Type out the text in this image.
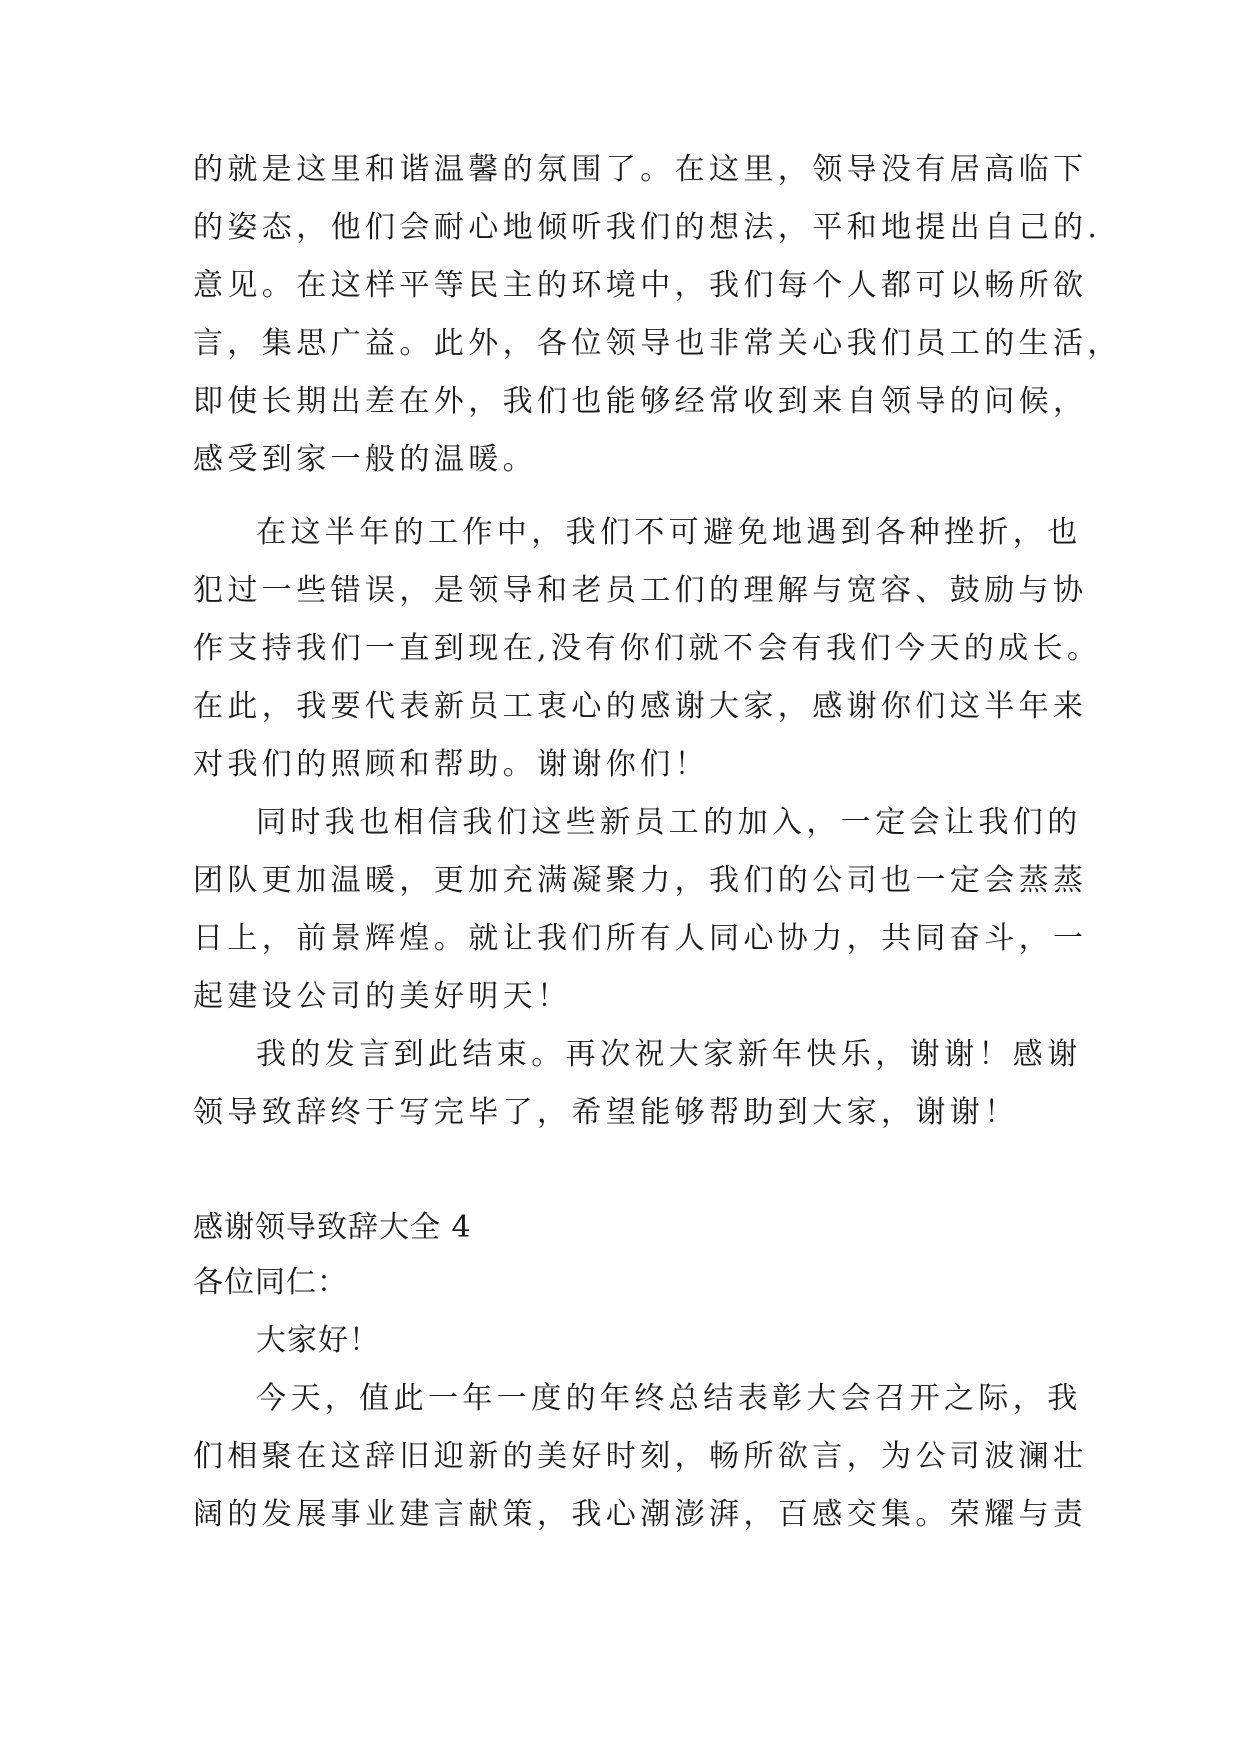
的就是这里和谐温馨的氛围了。在这里，领导没有居高临下
的姿态，他们会耐心地倾听我们的想法，平和地提出自己的.
意见。在这样平等民主的环境中，我们每个人都可以畅所欲
言，集思广益。此外，各位领导也非常关心我们员工的生活，
即使长期出差在外，我们也能够经常收到来自领导的问候，
感受到家一般的温暖。
在这半年的工作中，我们不可避免地遇到各种挫折，也
犯过一些错误，是领导和老员工们的理解与宽容、鼓励与协
作支持我们一直到现在,没有你们就不会有我们今天的成长。
在此，我要代表新员工衷心的感谢大家，感谢你们这半年来
对我们的照顾和帮助。谢谢你们！
同时我也相信我们这些新员工的加入，一定会让我们的
团队更加温暖，更加充满凝聚力，我们的公司也一定会蒸蒸
日上，前景辉煌。就让我们所有人同心协力，共同奋斗，一
起建设公司的美好明天！
我的发言到此结束。再次祝大家新年快乐，谢谢！感谢
领导致辞终于写完毕了，希望能够帮助到大家，谢谢！
感谢领导致辞大全 4
各位同仁：
大家好！
今天，值此一年一度的年终总结表彰大会召开之际，我
们相聚在这辞旧迎新的美好时刻，畅所欲言，为公司波澜壮
阔的发展事业建言献策，我心潮澎湃，百感交集。荣耀与责
